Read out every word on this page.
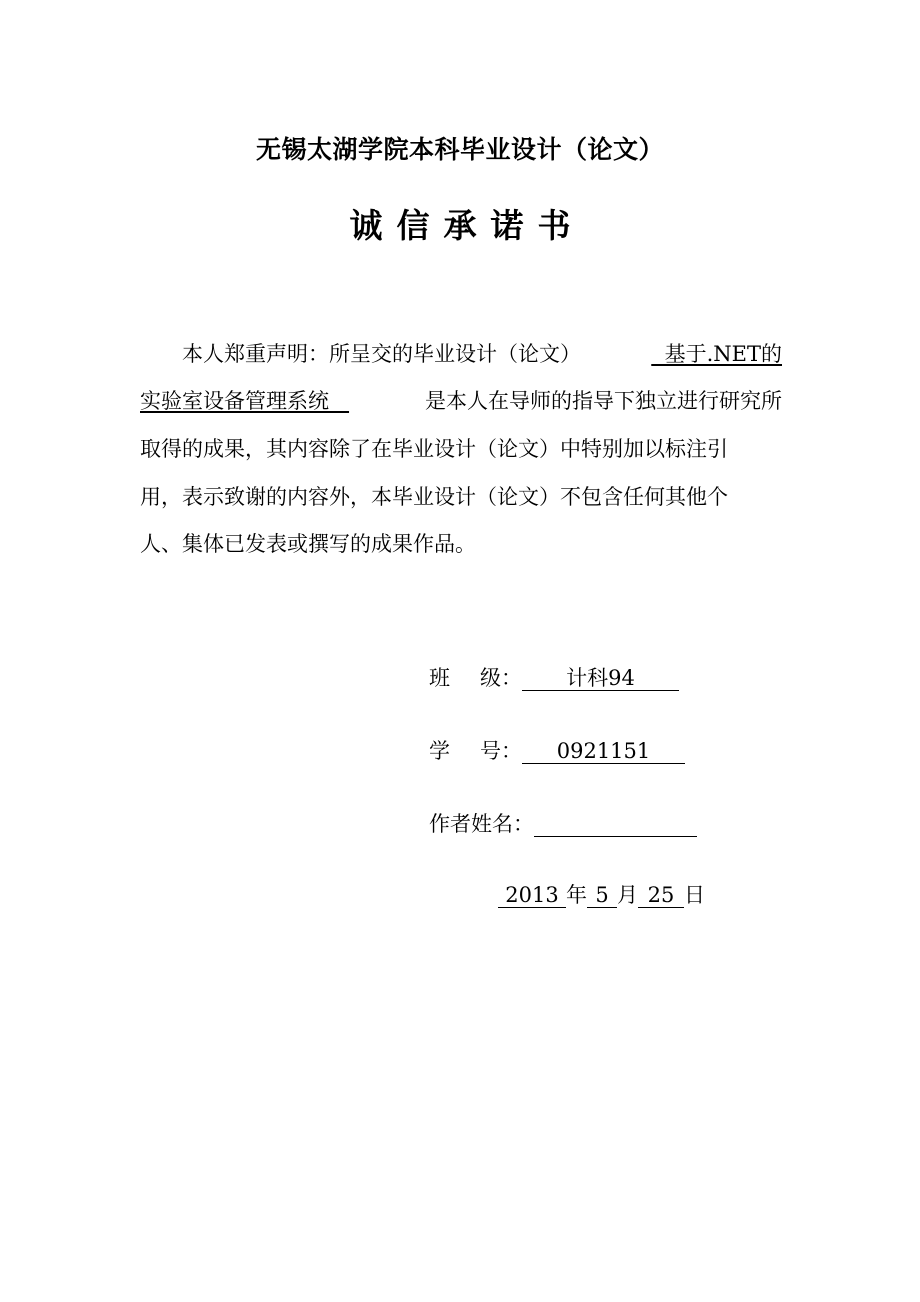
无锡太湖学院本科毕业设计（论文）
诚信承诺书
本人郑重声明：所呈交的毕业设计（论文）	基于.NET的
实验室设备管理系统	是本人在导师的指导下独立进行研究所
取得的成果，其内容除了在毕业设计（论文）中特别加以标注引
用，表示致谢的内容外，本毕业设计（论文）不包含任何其他个
人、集体已发表或撰写的成果作品。
班 级： 计科94
学 号： 0921151
作者姓名：
2013 年 5 月 25 日
